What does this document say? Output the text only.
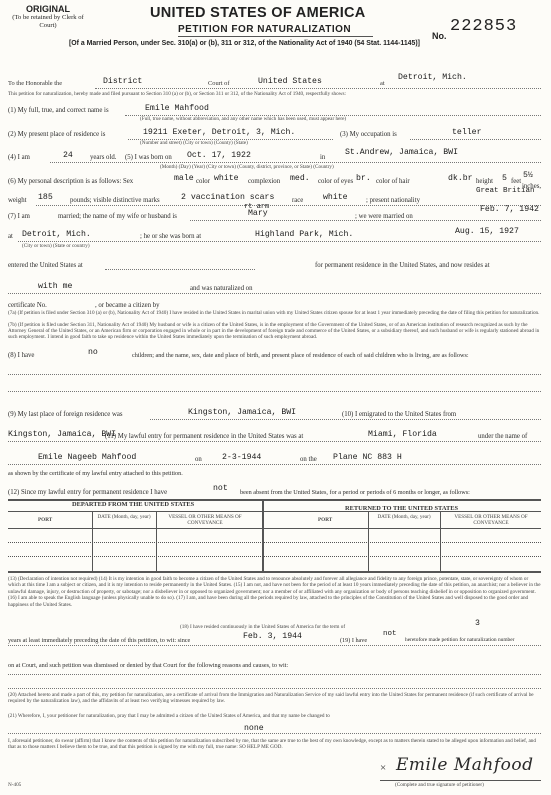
ORIGINAL
(To be retained by Clerk of Court)
UNITED STATES OF AMERICA
PETITION FOR NATURALIZATION
[Of a Married Person, under Sec. 310(a) or (b), 311 or 312, of the Nationality Act of 1940 (54 Stat. 1144-1145)]
No. 222853
To the Honorable the	District	Court of	United States	at
Detroit, Mich.
This petition for naturalization, hereby made and filed pursuant to Section 310 (a) or (b), or Section 311 or 312, of the Nationality Act of 1940, respectfully shows:
(1) My full, true, and correct name is	Emile Mahfood
(Full, true name, without abbreviation, and any other name which has been used, must appear here)
(2) My present place of residence is	19211 Exeter, Detroit, 3, Mich.
(Number and street) (City or town) (County) (State)
(3) My occupation is	teller
(4) I am	24	years old. (5) I was born on Oct. 17, 1922	in
St.Andrew, Jamaica, BWI
(Month) (Day) (Year) (City or town) (County, district, province, or State) (Country)
(6) My personal description is as follows: Sex	male color white complexion med. color of eyes br. color of hair	dk.br height 5 feet
5½
inches,
weight 185	pounds; visible distinctive marks	2 vaccination scars
rt arm
race white	; present nationality
Great Britian
(7) I am	married; the name of my wife or husband is	Mary	; we were married on
Feb. 7, 1942
at Detroit, Mich.	; he or she was born at	Highland Park, Mich.	Aug. 15, 1927
(City or town) (State or country)
entered the United States at	for permanent residence in the United States, and now resides at
with me	and was naturalized on
certificate No.	, or became a citizen by
(7a) (If petition is filed under Section 310 (a) or (b), Nationality Act of 1940) I have resided in the United States in marital union with my United States citizen spouse for at least 1 year immediately preceding the date of filing this petition for naturalization.
(7b) (If petition is filed under Section 311, Nationality Act of 1940) My husband or wife is a citizen of the United States, is in the employment of the Government of the United States, or of an American institution of research recognized as such by the Attorney General of the United States, or an American firm or corporation engaged in whole or in part in the development of foreign trade and commerce of the United States, or a subsidiary thereof, and such husband or wife is regularly stationed abroad in such employment. I intend in good faith to take up residence within the United States immediately upon the termination of such employment abroad.
(8) I have	no	children; and the name, sex, date and place of birth, and present place of residence of each of said children who is living, are as follows:
(9) My last place of foreign residence was	Kingston, Jamaica, BWI	(10) I emigrated to the United States from
Kingston, Jamaica, BWI
(11) My lawful entry for permanent residence in the United States was at	Miami, Florida	under the name of
Emile Nageeb Mahfood	on 2-3-1944	on the Plane NC 883 H
as shown by the certificate of my lawful entry attached to this petition.
(12) Since my lawful entry for permanent residence I have	not been absent from the United States, for a period or periods of 6 months or longer, as follows:
DEPARTED FROM THE UNITED STATES
RETURNED TO THE UNITED STATES
PORT	DATE (Month, day, year)	VESSEL OR OTHER MEANS OF CONVEYANCE	PORT	DATE (Month, day, year)	VESSEL OR OTHER MEANS OF CONVEYANCE
(13) (Declaration of intention not required) (14) It is my intention in good faith to become a citizen of the United States and to renounce absolutely and forever all allegiance and fidelity to any foreign prince, potentate, state, or sovereignty of whom or which at this time I am a subject or citizen, and it is my intention to reside permanently in the United States. (15) I am not, and have not been for the period of at least 10 years immediately preceding the date of this petition, an anarchist; nor a believer in the unlawful damage, injury, or destruction of property, or sabotage; nor a disbeliever in or opposed to organized government; nor a member of or affiliated with any organization or body of persons teaching disbelief in or opposition to organized government. (16) I am able to speak the English language (unless physically unable to do so). (17) I am, and have been during all the periods required by law, attached to the principles of the Constitution of the United States and well disposed to the good order and happiness of the United States.
(18) I have resided continuously in the United States of America for the term of	3
years at least immediately preceding the date of this petition, to wit: since	Feb. 3, 1944	(19) I have
not
heretofore made petition for naturalization number
on at Court, and such petition was dismissed or denied by that Court for the following reasons and causes, to wit:
(20) Attached hereto and made a part of this, my petition for naturalization, are a certificate of arrival from the Immigration and Naturalization Service of my said lawful entry into the United States for permanent residence (if such certificate of arrival be required by the naturalization law), and the affidavits of at least two verifying witnesses required by law.
(21) Wherefore, I, your petitioner for naturalization, pray that I may be admitted a citizen of the United States of America, and that my name be changed to
none
I, aforesaid petitioner, do swear (affirm) that I know the contents of this petition for naturalization subscribed by me, that the same are true to the best of my own knowledge, except as to matters therein stated to be alleged upon information and belief, and that as to those matters I believe them to be true, and that this petition is signed by me with my full, true name: SO HELP ME GOD.
× Emile Mahfood
(Complete and true signature of petitioner)
N-405
